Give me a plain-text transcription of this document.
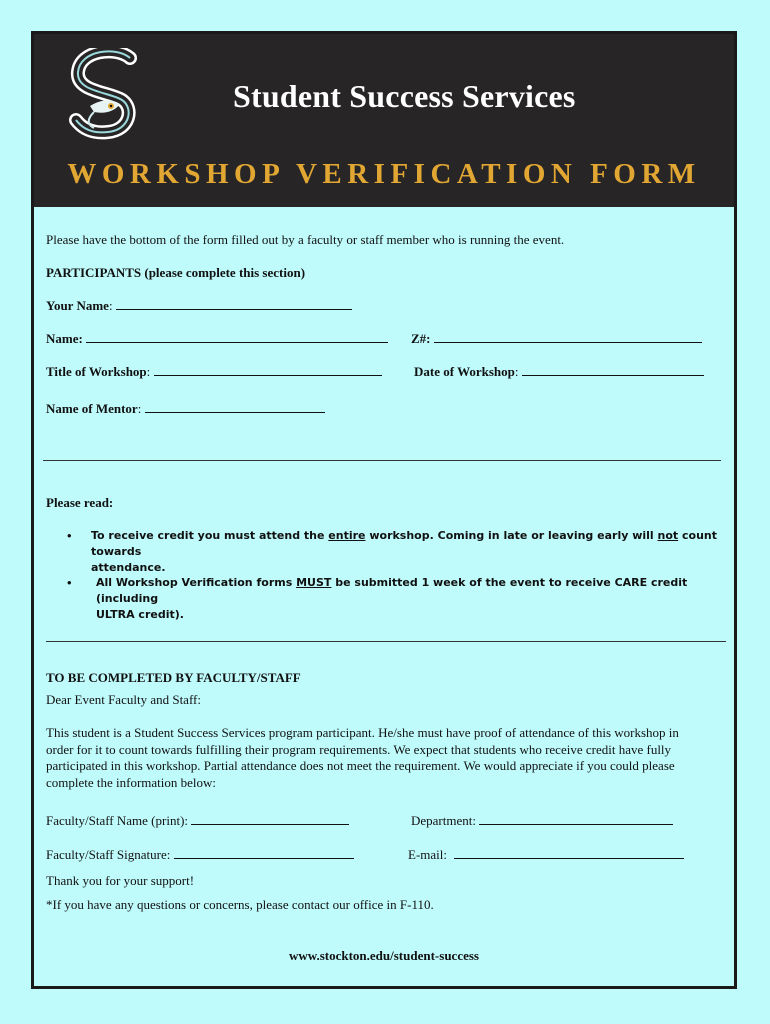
Student Success Services
WORKSHOP VERIFICATION FORM
Please have the bottom of the form filled out by a faculty or staff member who is running the event.
PARTICIPANTS (please complete this section)
Your Name:
Name:	Z#:
Title of Workshop:	Date of Workshop:
Name of Mentor:
Please read:
• To receive credit you must attend the entire workshop. Coming in late or leaving early will not count towards
attendance.
• All Workshop Verification forms MUST be submitted 1 week of the event to receive CARE credit (including
ULTRA credit).
TO BE COMPLETED BY FACULTY/STAFF
Dear Event Faculty and Staff:
This student is a Student Success Services program participant. He/she must have proof of attendance of this workshop in
order for it to count towards fulfilling their program requirements. We expect that students who receive credit have fully
participated in this workshop. Partial attendance does not meet the requirement. We would appreciate if you could please
complete the information below:
Faculty/Staff Name (print):	Department:
Faculty/Staff Signature:	E-mail:
Thank you for your support!
*If you have any questions or concerns, please contact our office in F-110.
www.stockton.edu/student-success
